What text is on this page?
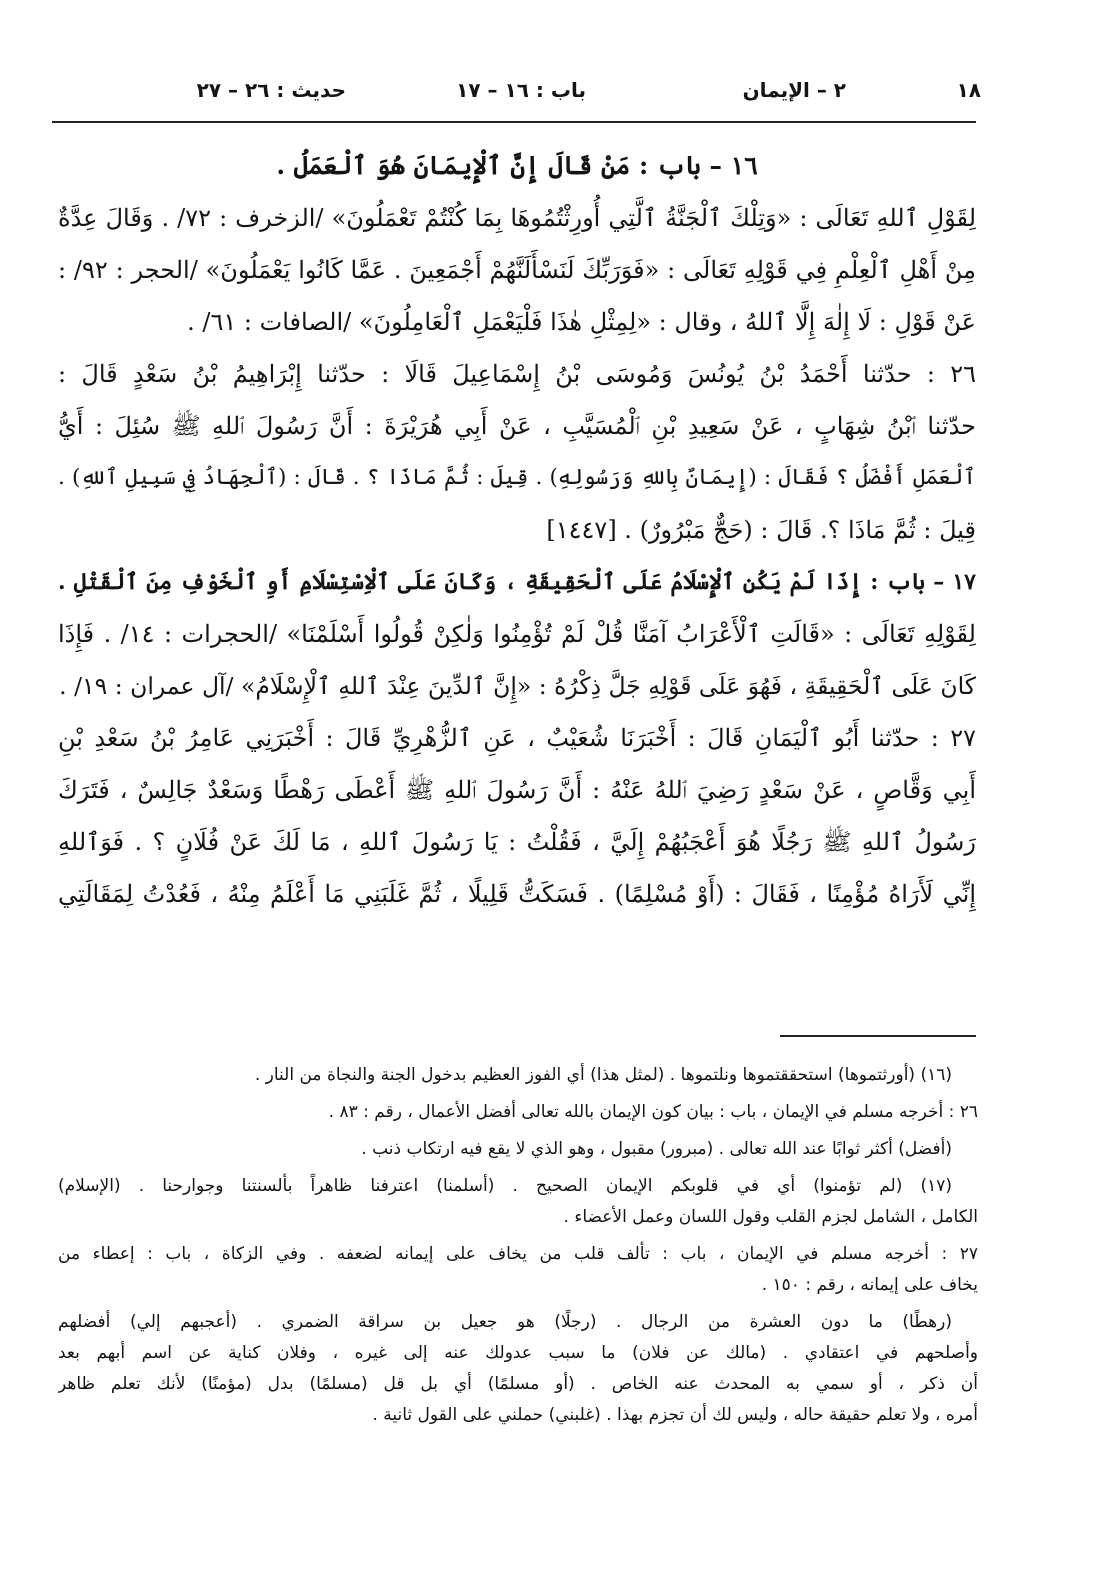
١٨
٢ – الإيمان
باب : ١٦ – ١٧
حديث : ٢٦ – ٢٧
١٦ – باب : مَنْ قَالَ إِنَّ ٱلْإِيمَانَ هُوَ ٱلْعَمَلُ .
لِقَوْلِ ٱللهِ تَعَالَى : «وَتِلْكَ ٱلْجَنَّةُ ٱلَّتِي أُورِثْتُمُوهَا بِمَا كُنْتُمْ تَعْمَلُونَ» /الزخرف : ٧٢/ . وَقَالَ عِدَّةٌ
مِنْ أَهْلِ ٱلْعِلْمِ فِي قَوْلِهِ تَعَالَى : «فَوَرَبِّكَ لَنَسْأَلَنَّهُمْ أَجْمَعِينَ . عَمَّا كَانُوا يَعْمَلُونَ» /الحجر : ٩٢/ :
عَنْ قَوْلِ : لَا إِلٰهَ إِلَّا ٱللهُ ، وقال : «لِمِثْلِ هٰذَا فَلْيَعْمَلِ ٱلْعَامِلُونَ» /الصافات : ٦١/ .
٢٦ : حدّثنا أَحْمَدُ بْنُ يُونُسَ وَمُوسَى بْنُ إِسْمَاعِيلَ قَالَا : حدّثنا إِبْرَاهِيمُ بْنُ سَعْدٍ قَالَ :
حدّثنا ٱبْنُ شِهَابٍ ، عَنْ سَعِيدِ بْنِ ٱلْمُسَيَّبِ ، عَنْ أَبِي هُرَيْرَةَ : أَنَّ رَسُولَ ٱللهِ ﷺ سُئِلَ : أَيُّ
ٱلْعَمَلِ أَفْضَلُ ؟ فَقَالَ : (إِيمَانٌ بِاللهِ وَرَسُولِهِ) . قِيلَ : ثُمَّ مَاذَا ؟ . قَالَ : (ٱلْجِهَادُ فِي سَبِيلِ ٱللهِ) .
قِيلَ : ثُمَّ مَاذَا ؟. قَالَ : (حَجٌّ مَبْرُورٌ) . [١٤٤٧]
١٧ – باب : إِذَا لَمْ يَكُنِ ٱلْإِسْلَامُ عَلَى ٱلْحَقِيقَةِ ، وَكَانَ عَلَى ٱلْاِسْتِسْلَامِ أَوِ ٱلْخَوْفِ مِنَ ٱلْقَتْلِ .
لِقَوْلِهِ تَعَالَى : «قَالَتِ ٱلْأَعْرَابُ آمَنَّا قُلْ لَمْ تُؤْمِنُوا وَلٰكِنْ قُولُوا أَسْلَمْنَا» /الحجرات : ١٤/ . فَإِذَا
كَانَ عَلَى ٱلْحَقِيقَةِ ، فَهُوَ عَلَى قَوْلِهِ جَلَّ ذِكْرُهُ : «إِنَّ ٱلدِّينَ عِنْدَ ٱللهِ ٱلْإِسْلَامُ» /آل عمران : ١٩/ .
٢٧ : حدّثنا أَبُو ٱلْيَمَانِ قَالَ : أَخْبَرَنَا شُعَيْبٌ ، عَنِ ٱلزُّهْرِيِّ قَالَ : أَخْبَرَنِي عَامِرُ بْنُ سَعْدِ بْنِ
أَبِي وَقَّاصٍ ، عَنْ سَعْدٍ رَضِيَ ٱللهُ عَنْهُ : أَنَّ رَسُولَ ٱللهِ ﷺ أَعْطَى رَهْطًا وَسَعْدٌ جَالِسٌ ، فَتَرَكَ
رَسُولُ ٱللهِ ﷺ رَجُلًا هُوَ أَعْجَبُهُمْ إِلَيَّ ، فَقُلْتُ : يَا رَسُولَ ٱللهِ ، مَا لَكَ عَنْ فُلَانٍ ؟ . فَوَٱللهِ
إِنِّي لَأَرَاهُ مُؤْمِنًا ، فَقَالَ : (أَوْ مُسْلِمًا) . فَسَكَتُّ قَلِيلًا ، ثُمَّ غَلَبَنِي مَا أَعْلَمُ مِنْهُ ، فَعُدْتُ لِمَقَالَتِي
(١٦) (أورثتموها) استحققتموها ونلتموها . (لمثل هذا) أي الفوز العظيم بدخول الجنة والنجاة من النار .
٢٦ : أخرجه مسلم في الإيمان ، باب : بيان كون الإيمان بالله تعالى أفضل الأعمال ، رقم : ٨٣ .
(أفضل) أكثر ثوابًا عند الله تعالى . (مبرور) مقبول ، وهو الذي لا يقع فيه ارتكاب ذنب .
(١٧) (لم تؤمنوا) أي في قلوبكم الإيمان الصحيح . (أسلمنا) اعترفنا ظاهراً بألسنتنا وجوارحنا . (الإسلام)
الكامل ، الشامل لجزم القلب وقول اللسان وعمل الأعضاء .
٢٧ : أخرجه مسلم في الإيمان ، باب : تألف قلب من يخاف على إيمانه لضعفه . وفي الزكاة ، باب : إعطاء من
يخاف على إيمانه ، رقم : ١٥٠ .
(رهطًا) ما دون العشرة من الرجال . (رجلًا) هو جعيل بن سراقة الضمري . (أعجبهم إلي) أفضلهم
وأصلحهم في اعتقادي . (مالك عن فلان) ما سبب عدولك عنه إلى غيره ، وفلان كناية عن اسم أبهم بعد
أن ذكر ، أو سمي به المحدث عنه الخاص . (أو مسلمًا) أي بل قل (مسلمًا) بدل (مؤمنًا) لأنك تعلم ظاهر
أمره ، ولا تعلم حقيقة حاله ، وليس لك أن تجزم بهذا . (غلبني) حملني على القول ثانية .
